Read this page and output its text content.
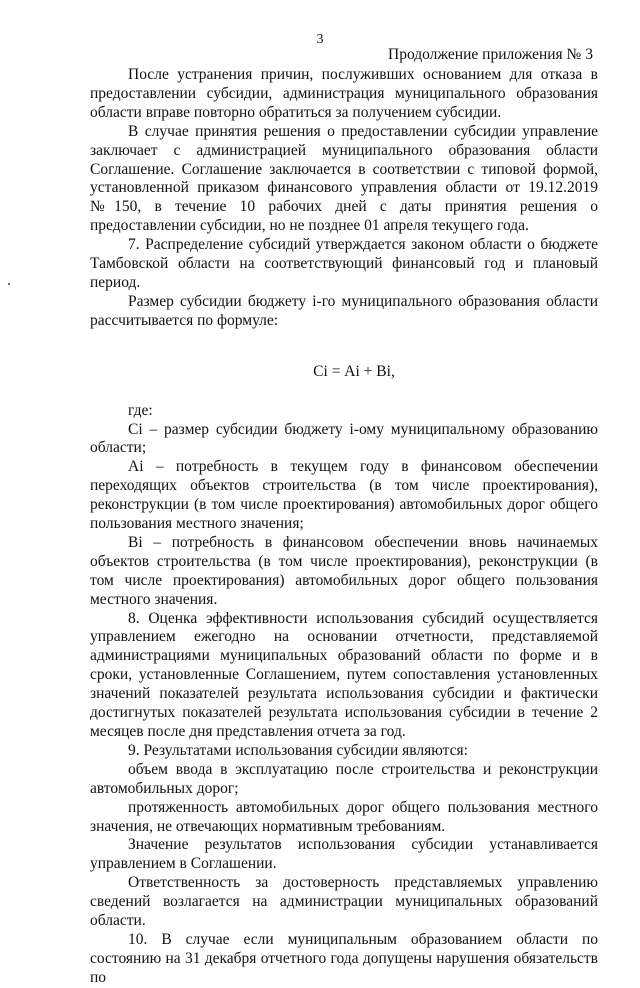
3
Продолжение приложения № 3

После устранения причин, послуживших основанием для отказа в предоставлении субсидии, администрация муниципального образования области вправе повторно обратиться за получением субсидии.

В случае принятия решения о предоставлении субсидии управление заключает с администрацией муниципального образования области Соглашение. Соглашение заключается в соответствии с типовой формой, установленной приказом финансового управления области от 19.12.2019 №150, в течение 10 рабочих дней с даты принятия решения о предоставлении субсидии, но не позднее 01 апреля текущего года.

7. Распределение субсидий утверждается законом области о бюджете Тамбовской области на соответствующий финансовый год и плановый период.

Размер субсидии бюджету i-го муниципального образования области рассчитывается по формуле:

Сi = Аi + Вi,

где:

Сi – размер субсидии бюджету i-ому муниципальному образованию области;

Аi – потребность в текущем году в финансовом обеспечении переходящих объектов строительства (в том числе проектирования), реконструкции (в том числе проектирования) автомобильных дорог общего пользования местного значения;

Вi – потребность в финансовом обеспечении вновь начинаемых объектов строительства (в том числе проектирования), реконструкции (в том числе проектирования) автомобильных дорог общего пользования местного значения.

8. Оценка эффективности использования субсидий осуществляется управлением ежегодно на основании отчетности, представляемой администрациями муниципальных образований области по форме и в сроки, установленные Соглашением, путем сопоставления установленных значений показателей результата использования субсидии и фактически достигнутых показателей результата использования субсидии в течение 2 месяцев после дня представления отчета за год.

9. Результатами использования субсидии являются:

объем ввода в эксплуатацию после строительства и реконструкции автомобильных дорог;

протяженность автомобильных дорог общего пользования местного значения, не отвечающих нормативным требованиям.

Значение результатов использования субсидии устанавливается управлением в Соглашении.

Ответственность за достоверность представляемых управлению сведений возлагается на администрации муниципальных образований области.

10. В случае если муниципальным образованием области по состоянию на 31 декабря отчетного года допущены нарушения обязательств по
